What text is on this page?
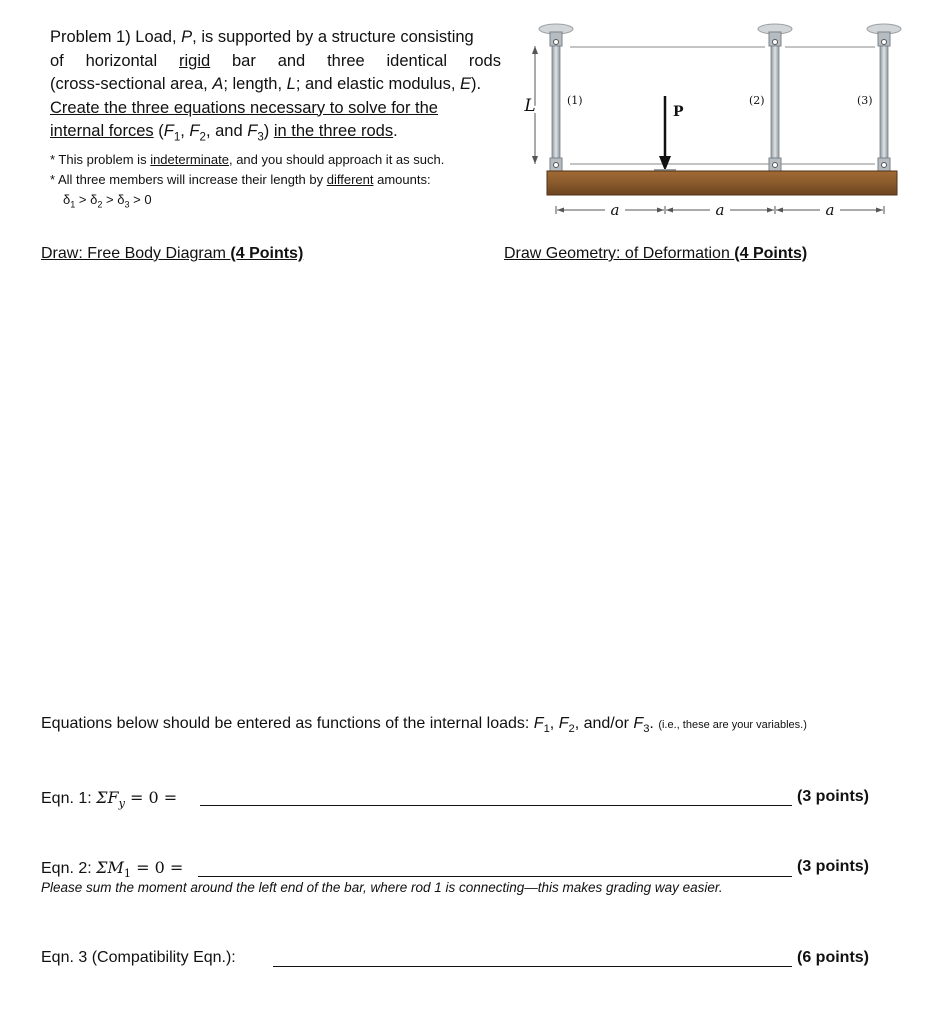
Problem 1) Load, P, is supported by a structure consisting
of horizontal rigid bar and three identical rods
(cross-sectional area, A; length, L; and elastic modulus, E).
Create the three equations necessary to solve for the
internal forces ($F_1$, $F_2$, and $F_3$) in the three rods.
* This problem is indeterminate, and you should approach it as such.
* All three members will increase their length by different amounts:
$\delta_1 > \delta_2 > \delta_3 > 0$
L	(1)	(2)	(3)
P
a	a	a
Draw: Free Body Diagram (4 Points)	Draw Geometry: of Deformation (4 Points)
Equations below should be entered as functions of the internal loads: $F_1$, $F_2$, and/or $F_3$. (i.e., these are your variables.)
Eqn. 1: $\Sigma F_y = 0$ =	(3 points)
Eqn. 2: $\Sigma M_1 = 0$ =	(3 points)
Please sum the moment around the left end of the bar, where rod 1 is connecting—this makes grading way easier.
Eqn. 3 (Compatibility Eqn.):	(6 points)
